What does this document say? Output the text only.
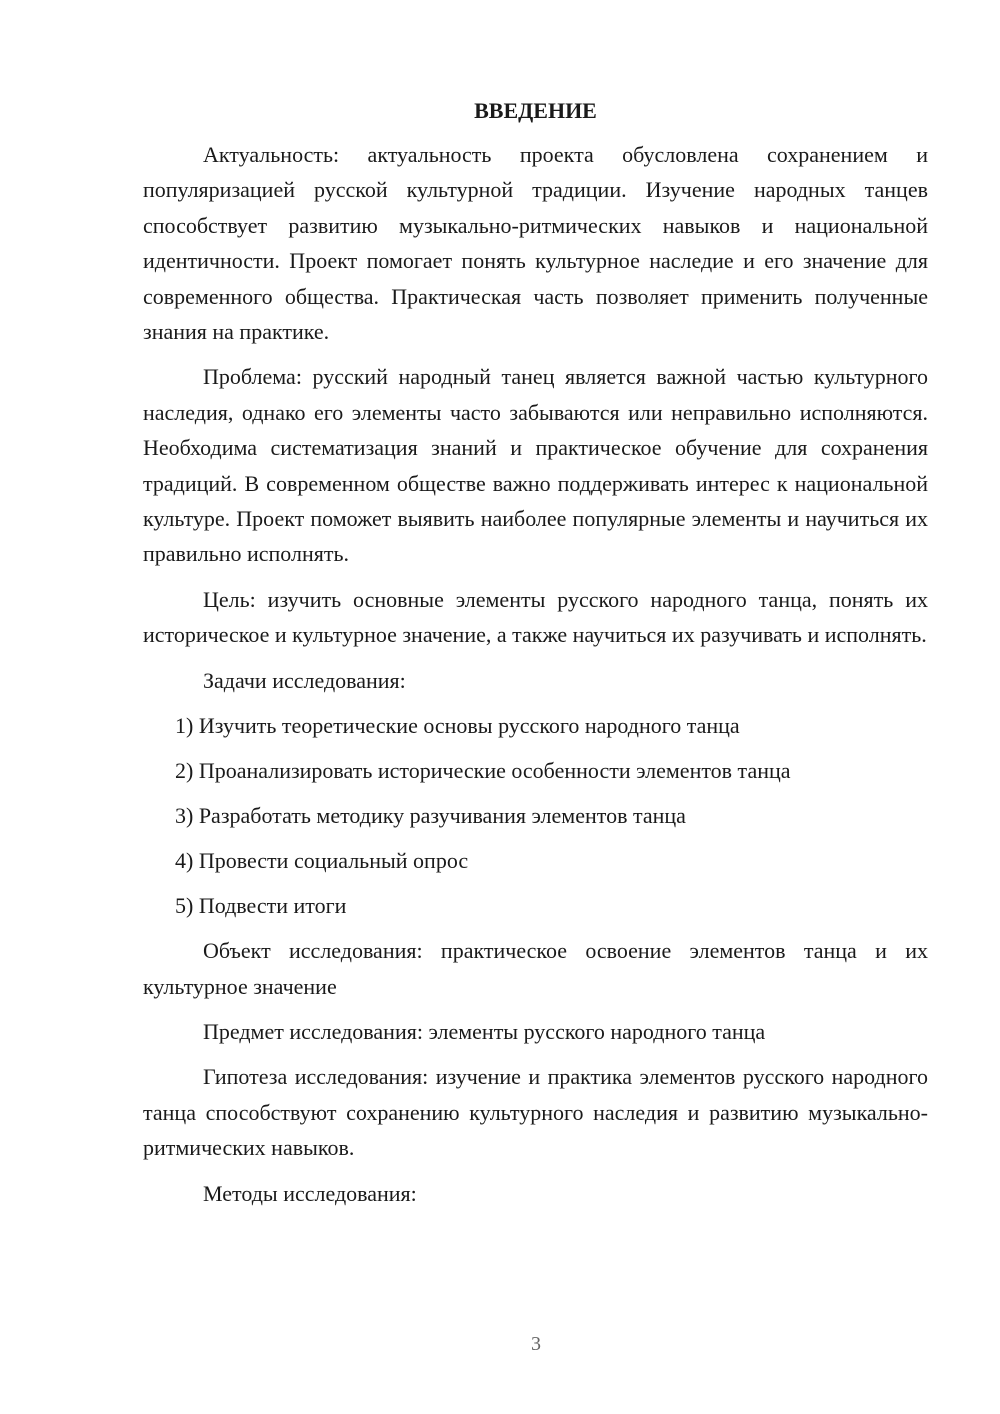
ВВЕДЕНИЕ

Актуальность: актуальность проекта обусловлена сохранением и популяризацией русской культурной традиции. Изучение народных танцев способствует развитию музыкально-ритмических навыков и национальной идентичности. Проект помогает понять культурное наследие и его значение для современного общества. Практическая часть позволяет применить полученные знания на практике.

Проблема: русский народный танец является важной частью культурного наследия, однако его элементы часто забываются или неправильно исполняются. Необходима систематизация знаний и практическое обучение для сохранения традиций. В современном обществе важно поддерживать интерес к национальной культуре. Проект поможет выявить наиболее популярные элементы и научиться их правильно исполнять.

Цель: изучить основные элементы русского народного танца, понять их историческое и культурное значение, а также научиться их разучивать и исполнять.

Задачи исследования:

1) Изучить теоретические основы русского народного танца
2) Проанализировать исторические особенности элементов танца
3) Разработать методику разучивания элементов танца
4) Провести социальный опрос
5) Подвести итоги

Объект исследования: практическое освоение элементов танца и их культурное значение

Предмет исследования: элементы русского народного танца

Гипотеза исследования: изучение и практика элементов русского народного танца способствуют сохранению культурного наследия и развитию музыкально-ритмических навыков.

Методы исследования:

3
